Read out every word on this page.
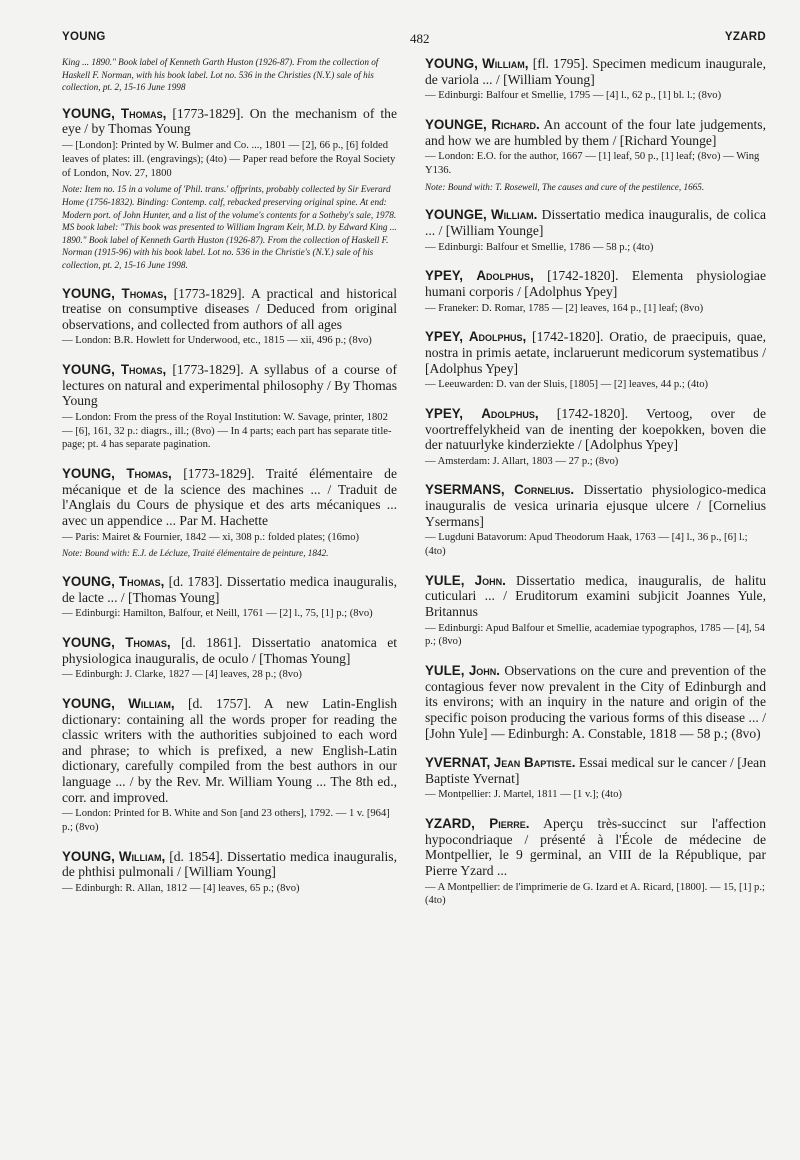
YOUNG	482	YZARD

King ... 1890." Book label of Kenneth Garth Huston (1926-87). From the collection of Haskell F. Norman, with his book label. Lot no. 536 in the Christies (N.Y.) sale of his collection, pt. 2, 15-16 June 1998

YOUNG, Thomas, [1773-1829]. On the mechanism of the eye / by Thomas Young

— [London]: Printed by W. Bulmer and Co. ..., 1801 — [2], 66 p., [6] folded leaves of plates: ill. (engravings); (4to) — Paper read before the Royal Society of London, Nov. 27, 1800

Note: Item no. 15 in a volume of 'Phil. trans.' offprints, probably collected by Sir Everard Home (1756-1832). Binding: Contemp. calf, rebacked preserving original spine. At end: Modern port. of John Hunter, and a list of the volume's contents for a Sotheby's sale, 1978. MS book label: "This book was presented to William Ingram Keir, M.D. by Edward King ... 1890." Book label of Kenneth Garth Huston (1926-87). From the collection of Haskell F. Norman (1915-96) with his book label. Lot no. 536 in the Christie's (N.Y.) sale of his collection, pt. 2, 15-16 June 1998.

YOUNG, Thomas, [1773-1829]. A practical and historical treatise on consumptive diseases / Deduced from original observations, and collected from authors of all ages

— London: B.R. Howlett for Underwood, etc., 1815 — xii, 496 p.; (8vo)

YOUNG, Thomas, [1773-1829]. A syllabus of a course of lectures on natural and experimental philosophy / By Thomas Young

— London: From the press of the Royal Institution: W. Savage, printer, 1802 — [6], 161, 32 p.: diagrs., ill.; (8vo) — In 4 parts; each part has separate title-page; pt. 4 has separate pagination.

YOUNG, Thomas, [1773-1829]. Traité élémentaire de mécanique et de la science des machines ... / Traduit de l'Anglais du Cours de physique et des arts mécaniques ... avec un appendice ... Par M. Hachette

— Paris: Mairet & Fournier, 1842 — xi, 308 p.: folded plates; (16mo)

Note: Bound with: E.J. de Lécluze, Traité élémentaire de peinture, 1842.

YOUNG, Thomas, [d. 1783]. Dissertatio medica inauguralis, de lacte ... / [Thomas Young]

— Edinburgi: Hamilton, Balfour, et Neill, 1761 — [2] l., 75, [1] p.; (8vo)

YOUNG, Thomas, [d. 1861]. Dissertatio anatomica et physiologica inauguralis, de oculo / [Thomas Young]

— Edinburgh: J. Clarke, 1827 — [4] leaves, 28 p.; (8vo)

YOUNG, William, [d. 1757]. A new Latin-English dictionary: containing all the words proper for reading the classic writers with the authorities subjoined to each word and phrase; to which is prefixed, a new English-Latin dictionary, carefully compiled from the best authors in our language ... / by the Rev. Mr. William Young ... The 8th ed., corr. and improved.

— London: Printed for B. White and Son [and 23 others], 1792. — 1 v. [964] p.; (8vo)

YOUNG, William, [d. 1854]. Dissertatio medica inauguralis, de phthisi pulmonali / [William Young]

— Edinburgh: R. Allan, 1812 — [4] leaves, 65 p.; (8vo)

YOUNG, William, [fl. 1795]. Specimen medicum inaugurale, de variola ... / [William Young]

— Edinburgi: Balfour et Smellie, 1795 — [4] l., 62 p., [1] bl. l.; (8vo)

YOUNGE, Richard. An account of the four late judgements, and how we are humbled by them / [Richard Younge]

— London: E.O. for the author, 1667 — [1] leaf, 50 p., [1] leaf; (8vo) — Wing Y136.

Note: Bound with: T. Rosewell, The causes and cure of the pestilence, 1665.

YOUNGE, William. Dissertatio medica inauguralis, de colica ... / [William Younge]

— Edinburgi: Balfour et Smellie, 1786 — 58 p.; (4to)

YPEY, Adolphus, [1742-1820]. Elementa physiologiae humani corporis / [Adolphus Ypey]

— Franeker: D. Romar, 1785 — [2] leaves, 164 p., [1] leaf; (8vo)

YPEY, Adolphus, [1742-1820]. Oratio, de praecipuis, quae, nostra in primis aetate, inclaruerunt medicorum systematibus / [Adolphus Ypey]

— Leeuwarden: D. van der Sluis, [1805] — [2] leaves, 44 p.; (4to)

YPEY, Adolphus, [1742-1820]. Vertoog, over de voortreffelykheid van de inenting der koepokken, boven die der natuurlyke kinderziekte / [Adolphus Ypey]

— Amsterdam: J. Allart, 1803 — 27 p.; (8vo)

YSERMANS, Cornelius. Dissertatio physiologico-medica inauguralis de vesica urinaria ejusque ulcere / [Cornelius Ysermans]

— Lugduni Batavorum: Apud Theodorum Haak, 1763 — [4] l., 36 p., [6] l.; (4to)

YULE, John. Dissertatio medica, inauguralis, de halitu cuticulari ... / Eruditorum examini subjicit Joannes Yule, Britannus

— Edinburgi: Apud Balfour et Smellie, academiae typographos, 1785 — [4], 54 p.; (8vo)

YULE, John. Observations on the cure and prevention of the contagious fever now prevalent in the City of Edinburgh and its environs; with an inquiry in the nature and origin of the specific poison producing the various forms of this disease ... / [John Yule] — Edinburgh: A. Constable, 1818 — 58 p.; (8vo)

YVERNAT, Jean Baptiste. Essai medical sur le cancer / [Jean Baptiste Yvernat]

— Montpellier: J. Martel, 1811 — [1 v.]; (4to)

YZARD, Pierre. Aperçu très-succinct sur l'affection hypocondriaque / présenté à l'École de médecine de Montpellier, le 9 germinal, an VIII de la République, par Pierre Yzard ...

— A Montpellier: de l'imprimerie de G. Izard et A. Ricard, [1800]. — 15, [1] p.; (4to)
